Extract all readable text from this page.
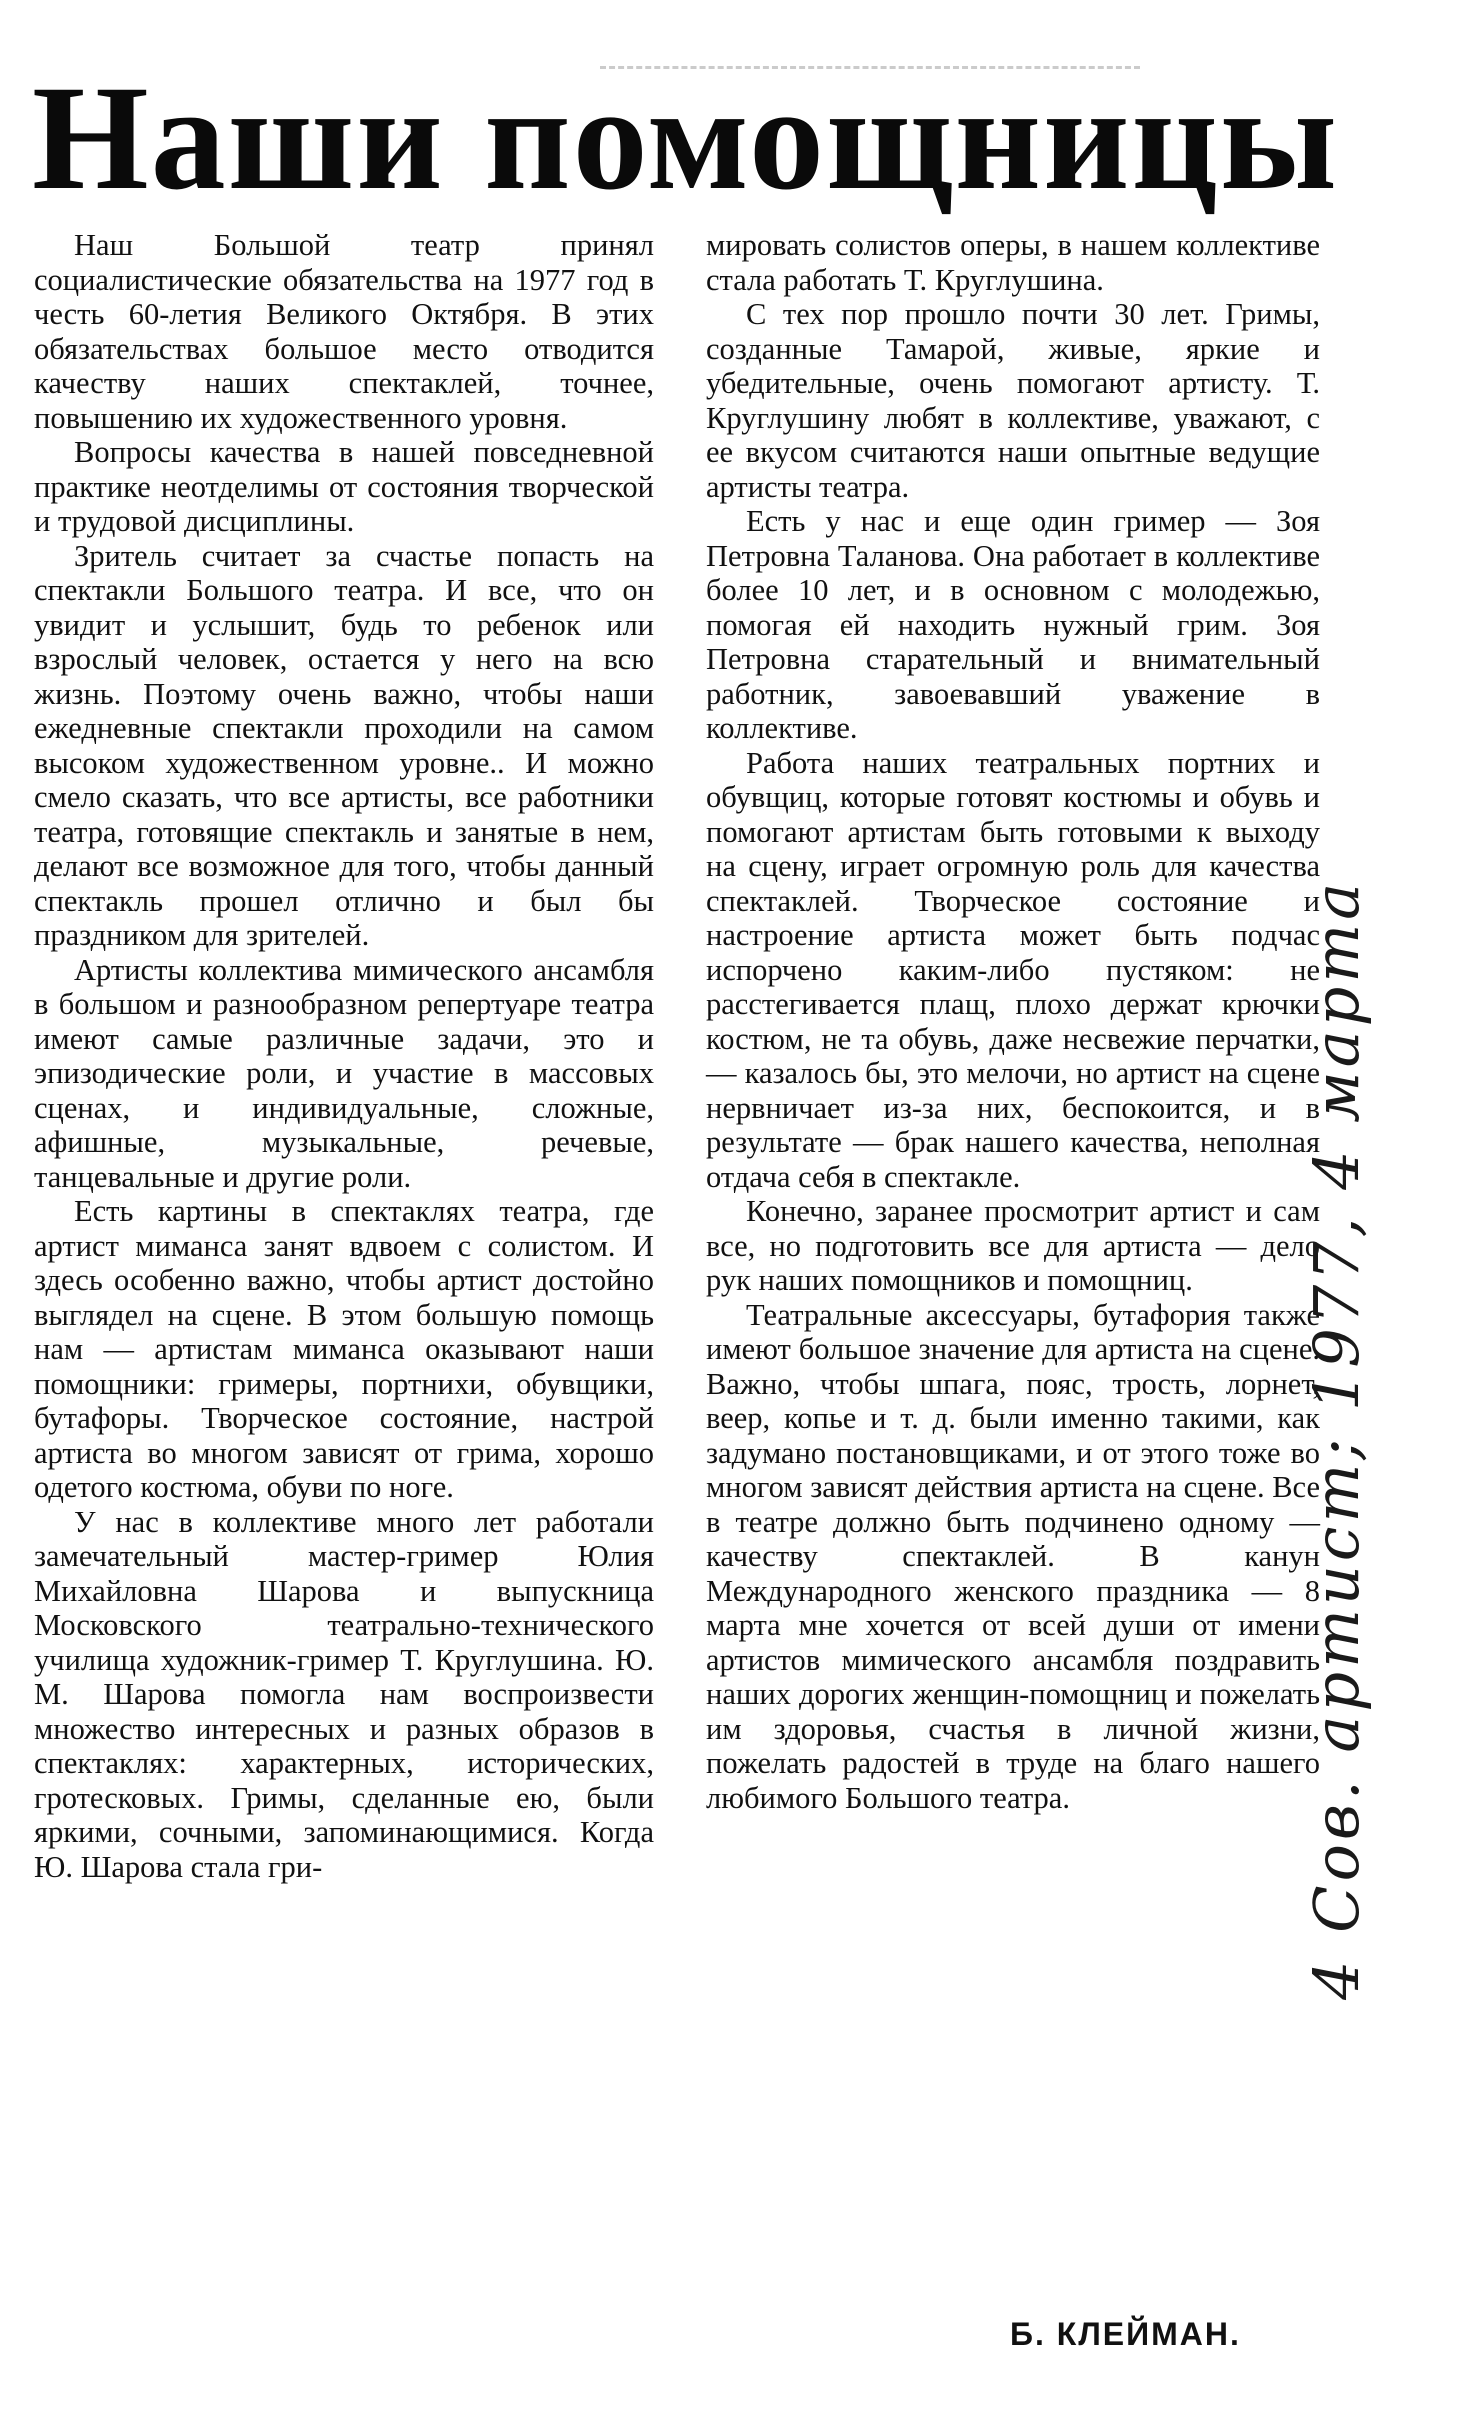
Наши помощницы

Наш Большой театр принял социалистические обязательства на 1977 год в честь 60-летия Великого Октября. В этих обязательствах большое место отводится качеству наших спектаклей, точнее, повышению их художественного уровня.

Вопросы качества в нашей повседневной практике неотделимы от состояния творческой и трудовой дисциплины.

Зритель считает за счастье попасть на спектакли Большого театра. И все, что он увидит и услышит, будь то ребенок или взрослый человек, остается у него на всю жизнь. Поэтому очень важно, чтобы наши ежедневные спектакли проходили на самом высоком художественном уровне.. И можно смело сказать, что все артисты, все работники театра, готовящие спектакль и занятые в нем, делают все возможное для того, чтобы данный спектакль прошел отлично и был бы праздником для зрителей.

Артисты коллектива мимического ансамбля в большом и разнообразном репертуаре театра имеют самые различные задачи, это и эпизодические роли, и участие в массовых сценах, и индивидуальные, сложные, афишные, музыкальные, речевые, танцевальные и другие роли.

Есть картины в спектаклях театра, где артист миманса занят вдвоем с солистом. И здесь особенно важно, чтобы артист достойно выглядел на сцене. В этом большую помощь нам — артистам миманса оказывают наши помощники: гримеры, портнихи, обувщики, бутафоры. Творческое состояние, настрой артиста во многом зависят от грима, хорошо одетого костюма, обуви по ноге.

У нас в коллективе много лет работали замечательный мастер-гример Юлия Михайловна Шарова и выпускница Московского театрально-технического училища художник-гример Т. Круглушина. Ю. М. Шарова помогла нам воспроизвести множество интересных и разных образов в спектаклях: характерных, исторических, гротесковых. Гримы, сделанные ею, были яркими, сочными, запоминающимися. Когда Ю. Шарова стала гри-

мировать солистов оперы, в нашем коллективе стала работать Т. Круглушина.

С тех пор прошло почти 30 лет. Гримы, созданные Тамарой, живые, яркие и убедительные, очень помогают артисту. Т. Круглушину любят в коллективе, уважают, с ее вкусом считаются наши опытные ведущие артисты театра.

Есть у нас и еще один гример — Зоя Петровна Таланова. Она работает в коллективе более 10 лет, и в основном с молодежью, помогая ей находить нужный грим. Зоя Петровна старательный и внимательный работник, завоевавший уважение в коллективе.

Работа наших театральных портних и обувщиц, которые готовят костюмы и обувь и помогают артистам быть готовыми к выходу на сцену, играет огромную роль для качества спектаклей. Творческое состояние и настроение артиста может быть подчас испорчено каким-либо пустяком: не расстегивается плащ, плохо держат крючки костюм, не та обувь, даже несвежие перчатки, — казалось бы, это мелочи, но артист на сцене нервничает из-за них, беспокоится, и в результате — брак нашего качества, неполная отдача себя в спектакле.

Конечно, заранее просмотрит артист и сам все, но подготовить все для артиста — дело рук наших помощников и помощниц.

Театральные аксессуары, бутафория также имеют большое значение для артиста на сцене. Важно, чтобы шпага, пояс, трость, лорнет, веер, копье и т. д. были именно такими, как задумано постановщиками, и от этого тоже во многом зависят действия артиста на сцене. Все в театре должно быть подчинено одному — качеству спектаклей. В канун Международного женского праздника — 8 марта мне хочется от всей души от имени артистов мимического ансамбля поздравить наших дорогих женщин-помощниц и пожелать им здоровья, счастья в личной жизни, пожелать радостей в труде на благо нашего любимого Большого театра.

Б. КЛЕЙМАН.
4 Сов. артист; 1977, 4 марта
